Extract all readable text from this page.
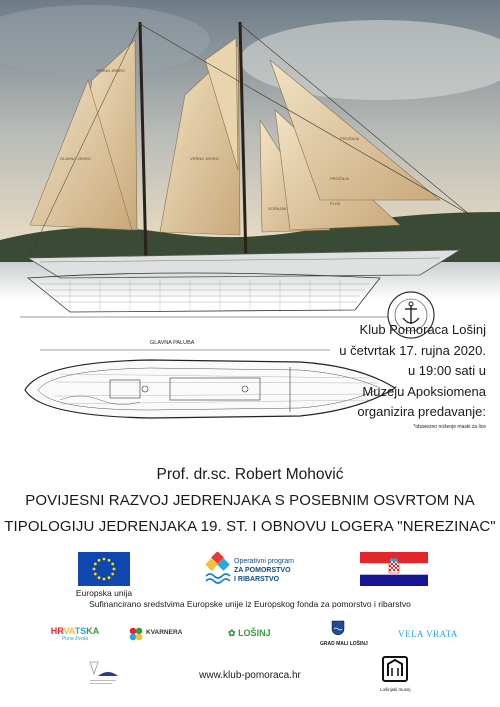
VRŠNO JEDRO
GLAVNO JEDRO	VRŠNO JEDRO
SOŠNJAK
FLOK
PROČNJA
PROČNJA
GLAVNA PALUBA
Klub Pomoraca Lošinj
u četvrtak 17. rujna 2020.
u 19:00 sati u
Muzeju Apoksiomena
organizira predavanje:
*obavezno nošenje maski za lice
Prof. dr.sc. Robert Mohović
POVIJESNI RAZVOJ JEDRENJAKA S POSEBNIM OSVRTOM NA
TIPOLOGIJU JEDRENJAKA 19. ST. I OBNOVU LOGERA "NEREZINAC"
Europska unija
Operativni program
ZA POMORSTVO
I RIBARSTVO
Sufinancirano sredstvima Europske unije iz Europskog fonda za pomorstvo i ribarstvo
HRVATSKA
Puna života
KVARNERA	✿ LOŠINJ
GRAD MALI LOŠINJ
VELA VRATA
www.klub-pomoraca.hr
Lošinjski muzej
